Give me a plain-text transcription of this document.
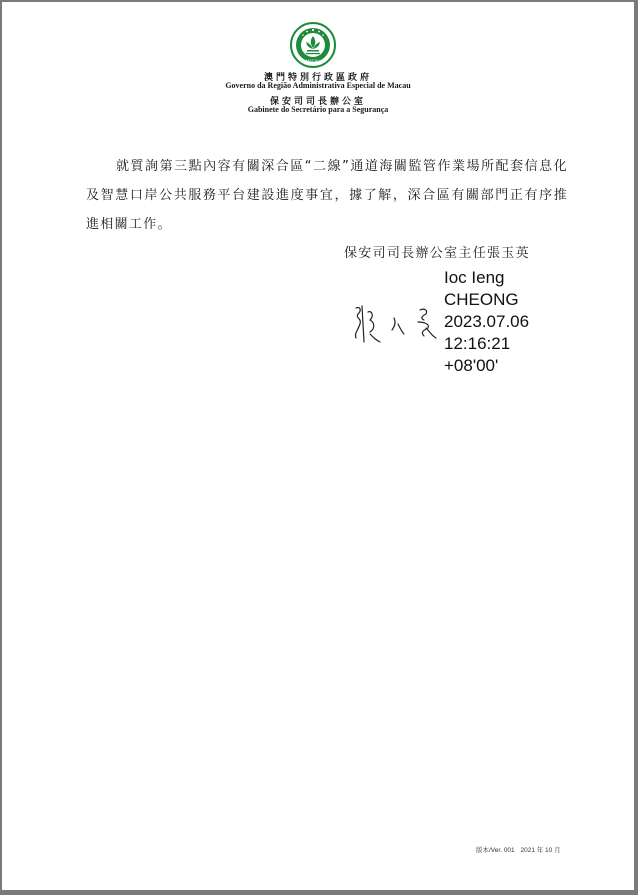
MACAU
澳門特別行政區政府
Governo da Região Administrativa Especial de Macau
保安司司長辦公室
Gabinete do Secretário para a Segurança
就質詢第三點內容有關深合區“二線”通道海關監管作業場所配套信息化及智慧口岸公共服務平台建設進度事宜，據了解，深合區有關部門正有序推進相關工作。
保安司司長辦公室主任張玉英
Ioc Ieng
CHEONG
2023.07.06
12:16:21
+08'00'
版本/Ver. 001 2021 年 10 月
